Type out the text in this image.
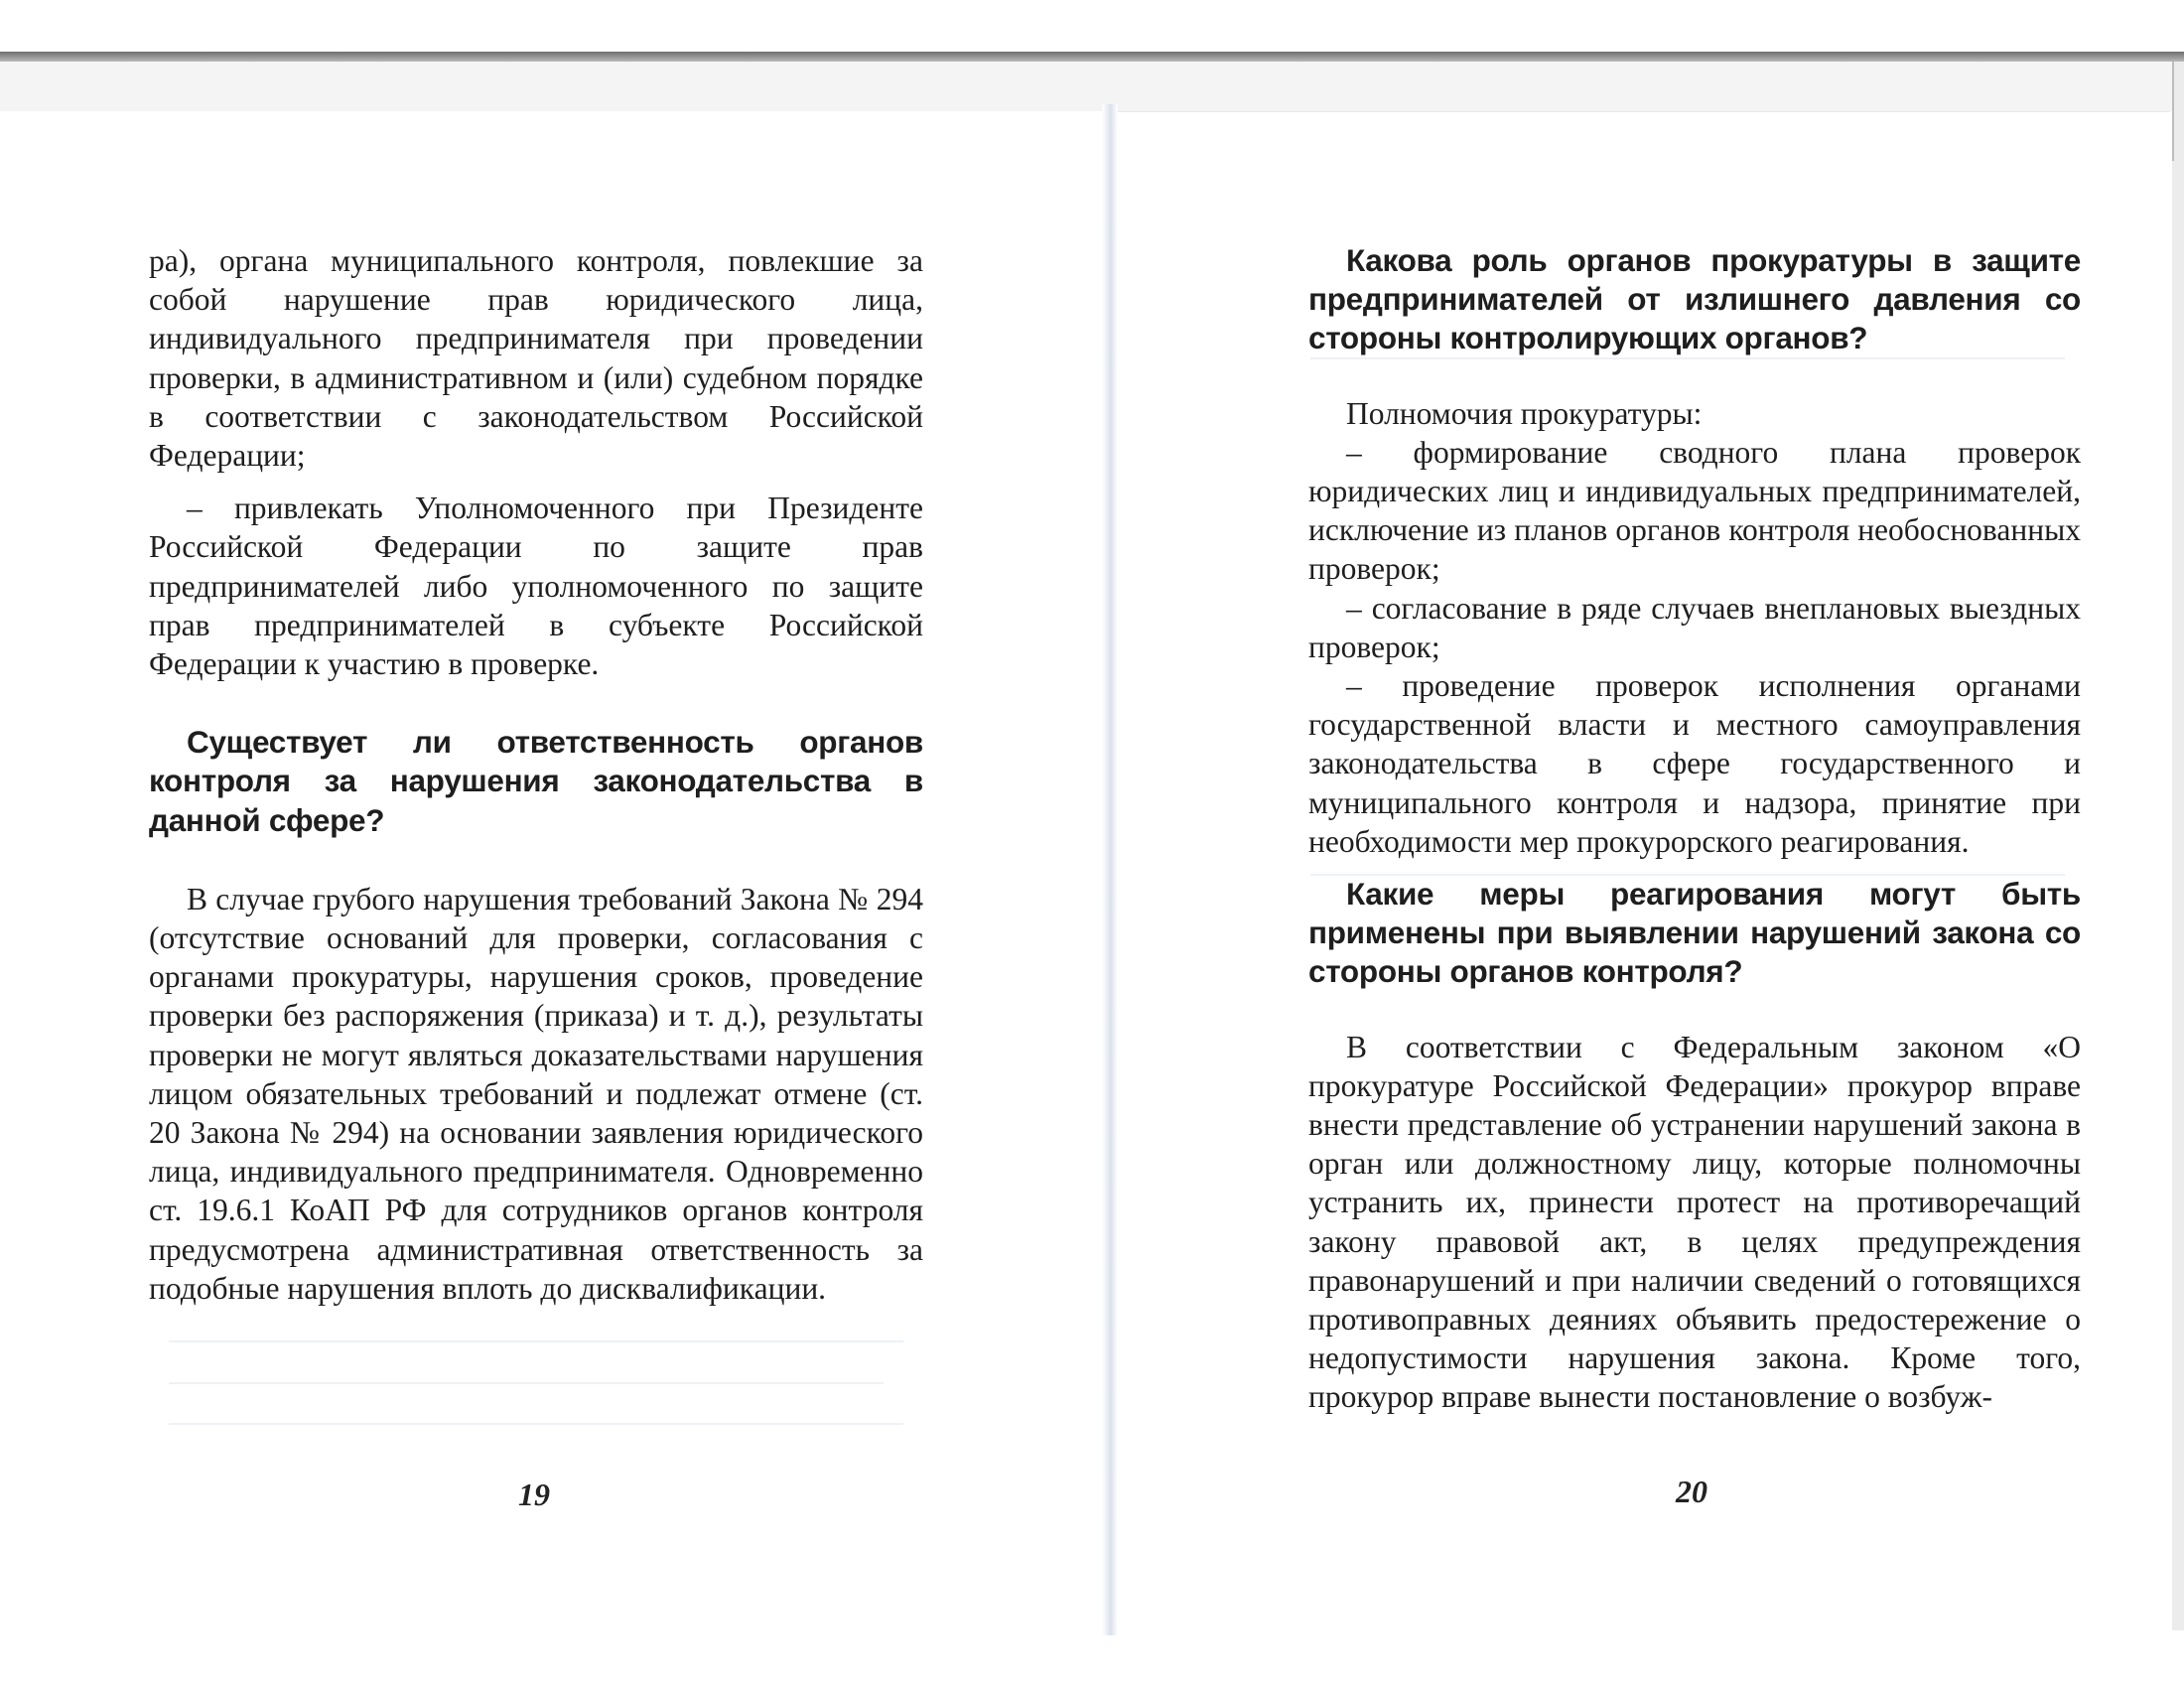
ра), органа муниципального контроля, повлекшие за собой нарушение прав юридического лица, индивидуального предпринимателя при проведении проверки, в административном и (или) судебном порядке в соответствии с законодательством Российской Федерации;

– привлекать Уполномоченного при Президенте Российской Федерации по защите прав предпринимателей либо уполномоченного по защите прав предпринимателей в субъекте Российской Федерации к участию в проверке.

Существует ли ответственность органов контроля за нарушения законодательства в данной сфере?

В случае грубого нарушения требований Закона № 294 (отсутствие оснований для проверки, согласования с органами прокуратуры, нарушения сроков, проведение проверки без распоряжения (приказа) и т. д.), результаты проверки не могут являться доказательствами нарушения лицом обязательных требований и подлежат отмене (ст. 20 Закона № 294) на основании заявления юридического лица, индивидуального предпринимателя. Одновременно ст. 19.6.1 КоАП РФ для сотрудников органов контроля предусмотрена административная ответственность за подобные нарушения вплоть до дисквалификации.

19
Какова роль органов прокуратуры в защите предпринимателей от излишнего давления со стороны контролирующих органов?

Полномочия прокуратуры:

– формирование сводного плана проверок юридических лиц и индивидуальных предпринимателей, исключение из планов органов контроля необоснованных проверок;

– согласование в ряде случаев внеплановых выездных проверок;

– проведение проверок исполнения органами государственной власти и местного самоуправления законодательства в сфере государственного и муниципального контроля и надзора, принятие при необходимости мер прокурорского реагирования.

Какие меры реагирования могут быть применены при выявлении нарушений закона со стороны органов контроля?

В соответствии с Федеральным законом «О прокуратуре Российской Федерации» прокурор вправе внести представление об устранении нарушений закона в орган или должностному лицу, которые полномочны устранить их, принести протест на противоречащий закону правовой акт, в целях предупреждения правонарушений и при наличии сведений о готовящихся противоправных деяниях объявить предостережение о недопустимости нарушения закона. Кроме того, прокурор вправе вынести постановление о возбуж-

20
